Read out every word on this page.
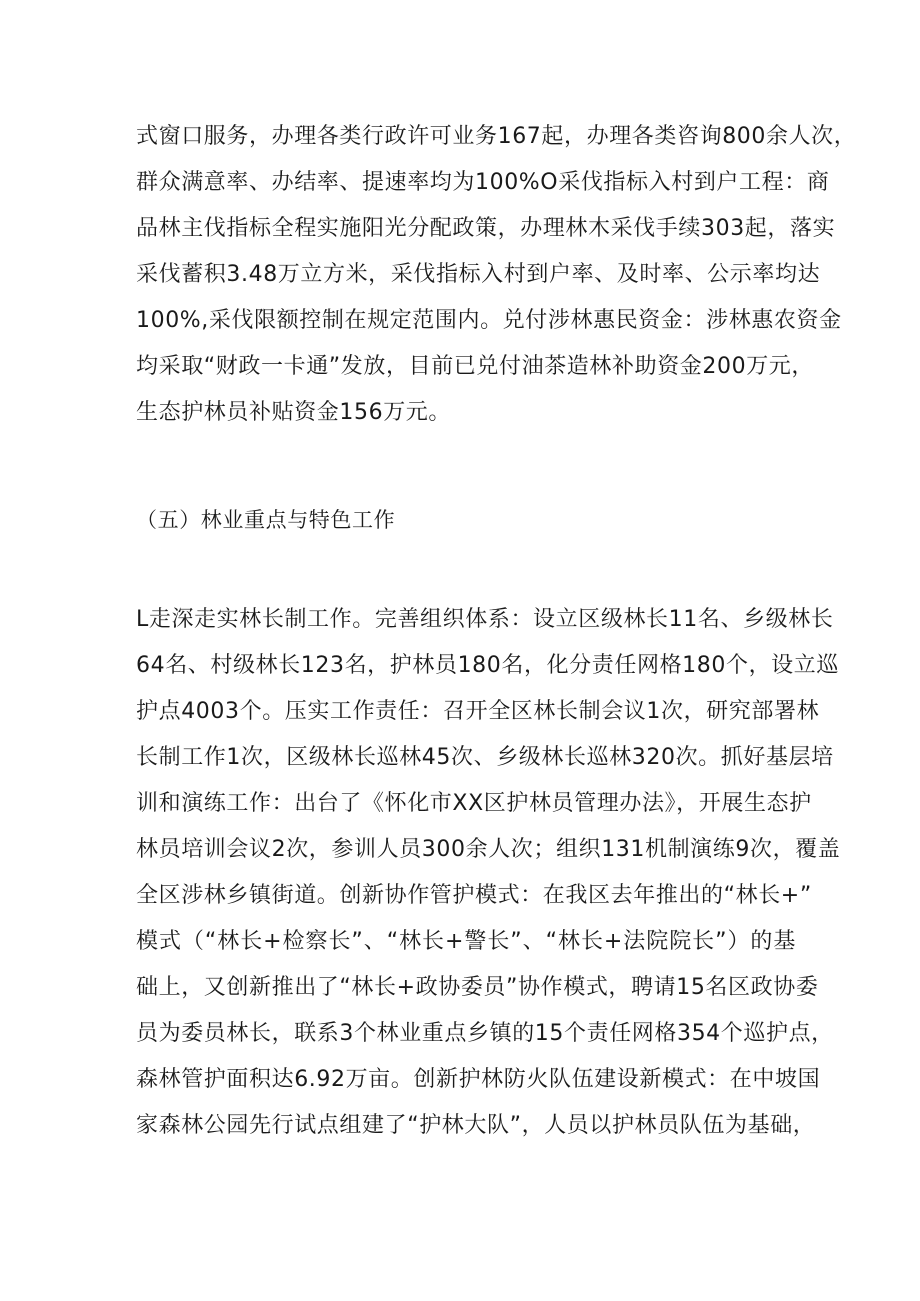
式窗口服务，办理各类行政许可业务167起，办理各类咨询800余人次，
群众满意率、办结率、提速率均为100%O采伐指标入村到户工程：商
品林主伐指标全程实施阳光分配政策，办理林木采伐手续303起，落实
采伐蓄积3.48万立方米，采伐指标入村到户率、及时率、公示率均达
100%,采伐限额控制在规定范围内。兑付涉林惠民资金：涉林惠农资金
均采取“财政一卡通”发放，目前已兑付油茶造林补助资金200万元，
生态护林员补贴资金156万元。
（五）林业重点与特色工作
L走深走实林长制工作。完善组织体系：设立区级林长11名、乡级林长
64名、村级林长123名，护林员180名，化分责任网格180个，设立巡
护点4003个。压实工作责任：召开全区林长制会议1次，研究部署林
长制工作1次，区级林长巡林45次、乡级林长巡林320次。抓好基层培
训和演练工作：出台了《怀化市XX区护林员管理办法》，开展生态护
林员培训会议2次，参训人员300余人次；组织131机制演练9次，覆盖
全区涉林乡镇街道。创新协作管护模式：在我区去年推出的“林长+”
模式（“林长+检察长”、“林长+警长”、“林长+法院院长”）的基
础上，又创新推出了“林长+政协委员”协作模式，聘请15名区政协委
员为委员林长，联系3个林业重点乡镇的15个责任网格354个巡护点，
森林管护面积达6.92万亩。创新护林防火队伍建设新模式：在中坡国
家森林公园先行试点组建了“护林大队”，人员以护林员队伍为基础，
